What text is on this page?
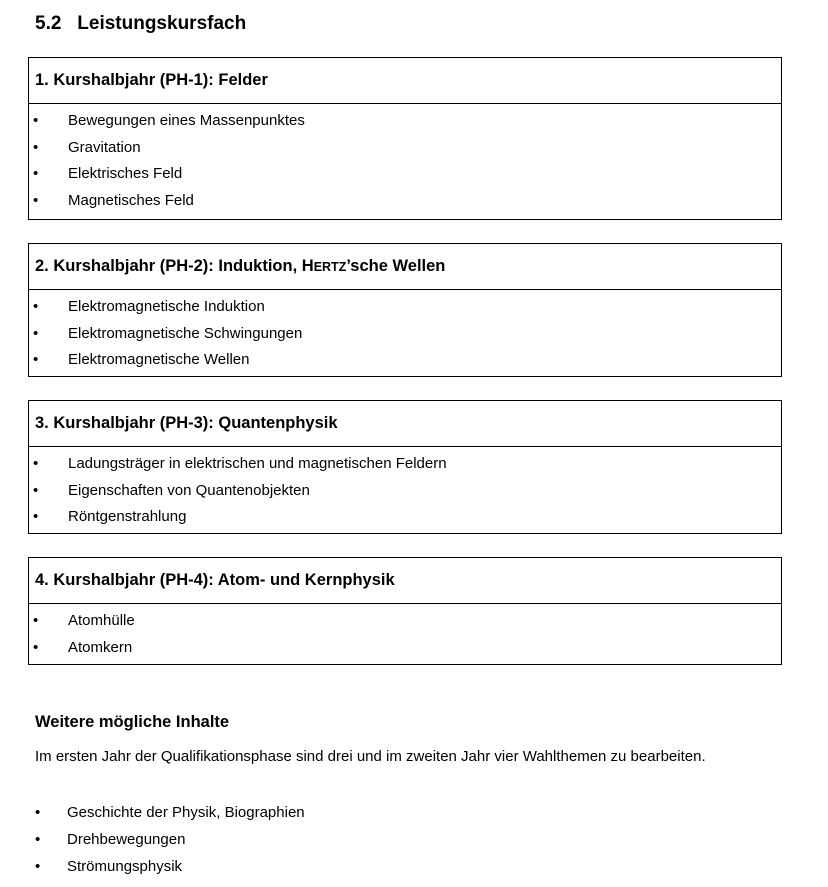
5.2 Leistungskursfach
1. Kurshalbjahr (PH-1): Felder
• Bewegungen eines Massenpunktes
• Gravitation
• Elektrisches Feld
• Magnetisches Feld
2. Kurshalbjahr (PH-2): Induktion, HERTZ’sche Wellen
• Elektromagnetische Induktion
• Elektromagnetische Schwingungen
• Elektromagnetische Wellen
3. Kurshalbjahr (PH-3): Quantenphysik
• Ladungsträger in elektrischen und magnetischen Feldern
• Eigenschaften von Quantenobjekten
• Röntgenstrahlung
4. Kurshalbjahr (PH-4): Atom- und Kernphysik
• Atomhülle
• Atomkern
Weitere mögliche Inhalte

Im ersten Jahr der Qualifikationsphase sind drei und im zweiten Jahr vier Wahlthemen zu bearbeiten.

• Geschichte der Physik, Biographien
• Drehbewegungen
• Strömungsphysik
